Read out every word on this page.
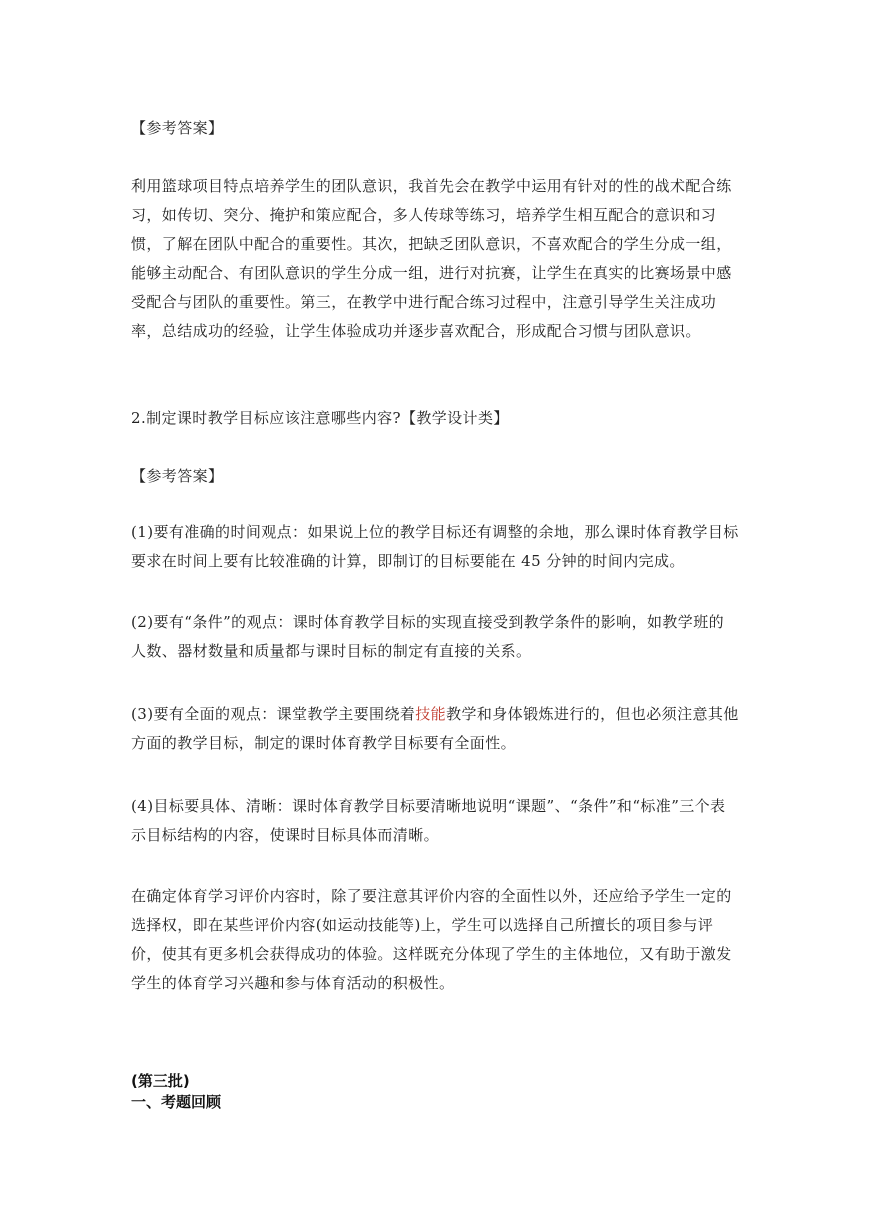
【参考答案】

利用篮球项目特点培养学生的团队意识，我首先会在教学中运用有针对的性的战术配合练习，如传切、突分、掩护和策应配合，多人传球等练习，培养学生相互配合的意识和习惯，了解在团队中配合的重要性。其次，把缺乏团队意识，不喜欢配合的学生分成一组，能够主动配合、有团队意识的学生分成一组，进行对抗赛，让学生在真实的比赛场景中感受配合与团队的重要性。第三，在教学中进行配合练习过程中，注意引导学生关注成功率，总结成功的经验，让学生体验成功并逐步喜欢配合，形成配合习惯与团队意识。

2.制定课时教学目标应该注意哪些内容?【教学设计类】

【参考答案】

(1)要有准确的时间观点：如果说上位的教学目标还有调整的余地，那么课时体育教学目标要求在时间上要有比较准确的计算，即制订的目标要能在 45 分钟的时间内完成。

(2)要有“条件”的观点：课时体育教学目标的实现直接受到教学条件的影响，如教学班的人数、器材数量和质量都与课时目标的制定有直接的关系。

(3)要有全面的观点：课堂教学主要围绕着技能教学和身体锻炼进行的，但也必须注意其他方面的教学目标，制定的课时体育教学目标要有全面性。

(4)目标要具体、清晰：课时体育教学目标要清晰地说明“课题”、“条件”和“标准”三个表示目标结构的内容，使课时目标具体而清晰。

在确定体育学习评价内容时，除了要注意其评价内容的全面性以外，还应给予学生一定的选择权，即在某些评价内容(如运动技能等)上，学生可以选择自己所擅长的项目参与评价，使其有更多机会获得成功的体验。这样既充分体现了学生的主体地位，又有助于激发学生的体育学习兴趣和参与体育活动的积极性。

(第三批)

一、考题回顾
